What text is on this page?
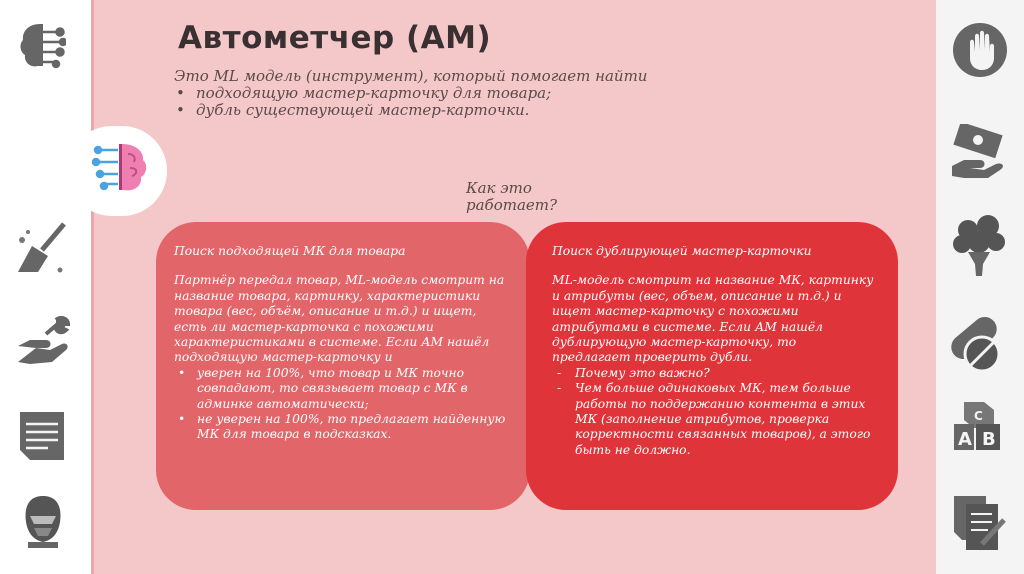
A B
C
Автометчер (АМ)
Это ML модель (инструмент), который помогает найти
• подходящую мастер-карточку для товара;
• дубль существующей мастер-карточки.
Как это работает?

Поиск подходящей МК для товара

Партнёр передал товар, ML-модель смотрит на название товара, картинку, характеристики товара (вес, объём, описание и т.д.) и ищет, есть ли мастер-карточка с похожими характеристиками в системе. Если АМ нашёл подходящую мастер-карточку и

• уверен на 100%, что товар и МК точно совпадают, то связывает товар с МК в админке автоматически;
• не уверен на 100%, то предлагает найденную МК для товара в подсказках.

Поиск дублирующей мастер-карточки

ML-модель смотрит на название МК, картинку и атрибуты (вес, объем, описание и т.д.) и ищет мастер-карточку с похожими атрибутами в системе. Если АМ нашёл дублирующую мастер-карточку, то предлагает проверить дубли.

- Почему это важно?
- Чем больше одинаковых МК, тем больше работы по поддержанию контента в этих МК (заполнение атрибутов, проверка корректности связанных товаров), а этого быть не должно.
